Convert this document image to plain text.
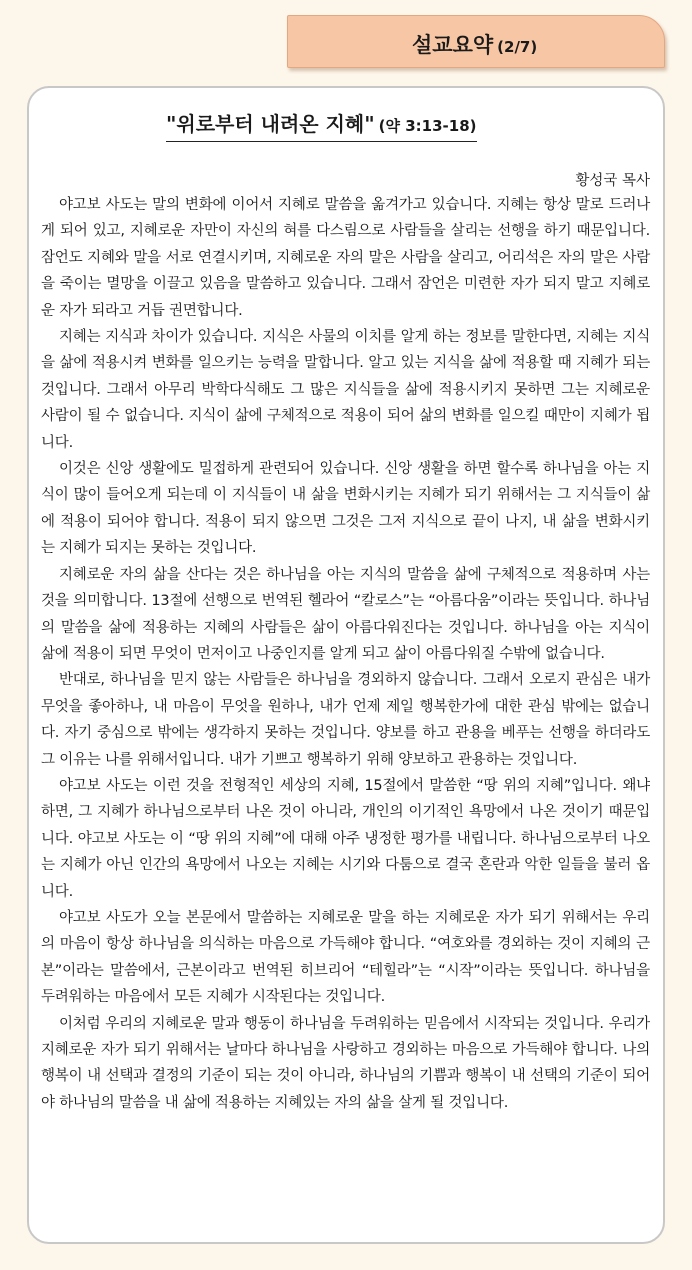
설교요약 (2/7)
"위로부터 내려온 지혜" (약 3:13-18)
황성국 목사

야고보 사도는 말의 변화에 이어서 지혜로 말씀을 옮겨가고 있습니다. 지혜는 항상 말로 드러나게 되어 있고, 지혜로운 자만이 자신의 혀를 다스림으로 사람들을 살리는 선행을 하기 때문입니다. 잠언도 지혜와 말을 서로 연결시키며, 지혜로운 자의 말은 사람을 살리고, 어리석은 자의 말은 사람을 죽이는 멸망을 이끌고 있음을 말씀하고 있습니다. 그래서 잠언은 미련한 자가 되지 말고 지혜로운 자가 되라고 거듭 권면합니다.

지혜는 지식과 차이가 있습니다. 지식은 사물의 이치를 알게 하는 정보를 말한다면, 지혜는 지식을 삶에 적용시켜 변화를 일으키는 능력을 말합니다. 알고 있는 지식을 삶에 적용할 때 지혜가 되는 것입니다. 그래서 아무리 박학다식해도 그 많은 지식들을 삶에 적용시키지 못하면 그는 지혜로운 사람이 될 수 없습니다. 지식이 삶에 구체적으로 적용이 되어 삶의 변화를 일으킬 때만이 지혜가 됩니다.

이것은 신앙 생활에도 밀접하게 관련되어 있습니다. 신앙 생활을 하면 할수록 하나님을 아는 지식이 많이 들어오게 되는데 이 지식들이 내 삶을 변화시키는 지혜가 되기 위해서는 그 지식들이 삶에 적용이 되어야 합니다. 적용이 되지 않으면 그것은 그저 지식으로 끝이 나지, 내 삶을 변화시키는 지혜가 되지는 못하는 것입니다.

지혜로운 자의 삶을 산다는 것은 하나님을 아는 지식의 말씀을 삶에 구체적으로 적용하며 사는 것을 의미합니다. 13절에 선행으로 번역된 헬라어 “칼로스”는 “아름다움”이라는 뜻입니다. 하나님의 말씀을 삶에 적용하는 지혜의 사람들은 삶이 아름다워진다는 것입니다. 하나님을 아는 지식이 삶에 적용이 되면 무엇이 먼저이고 나중인지를 알게 되고 삶이 아름다워질 수밖에 없습니다.

반대로, 하나님을 믿지 않는 사람들은 하나님을 경외하지 않습니다. 그래서 오로지 관심은 내가 무엇을 좋아하나, 내 마음이 무엇을 원하나, 내가 언제 제일 행복한가에 대한 관심 밖에는 없습니다. 자기 중심으로 밖에는 생각하지 못하는 것입니다. 양보를 하고 관용을 베푸는 선행을 하더라도 그 이유는 나를 위해서입니다. 내가 기쁘고 행복하기 위해 양보하고 관용하는 것입니다.

야고보 사도는 이런 것을 전형적인 세상의 지혜, 15절에서 말씀한 “땅 위의 지혜”입니다. 왜냐하면, 그 지혜가 하나님으로부터 나온 것이 아니라, 개인의 이기적인 욕망에서 나온 것이기 때문입니다. 야고보 사도는 이 “땅 위의 지혜”에 대해 아주 냉정한 평가를 내립니다. 하나님으로부터 나오는 지혜가 아닌 인간의 욕망에서 나오는 지혜는 시기와 다툼으로 결국 혼란과 악한 일들을 불러 옵니다.

야고보 사도가 오늘 본문에서 말씀하는 지혜로운 말을 하는 지혜로운 자가 되기 위해서는 우리의 마음이 항상 하나님을 의식하는 마음으로 가득해야 합니다. “여호와를 경외하는 것이 지혜의 근본”이라는 말씀에서, 근본이라고 번역된 히브리어 “테힐라”는 “시작”이라는 뜻입니다. 하나님을 두려워하는 마음에서 모든 지혜가 시작된다는 것입니다.

이처럼 우리의 지혜로운 말과 행동이 하나님을 두려워하는 믿음에서 시작되는 것입니다. 우리가 지혜로운 자가 되기 위해서는 날마다 하나님을 사랑하고 경외하는 마음으로 가득해야 합니다. 나의 행복이 내 선택과 결정의 기준이 되는 것이 아니라, 하나님의 기쁨과 행복이 내 선택의 기준이 되어야 하나님의 말씀을 내 삶에 적용하는 지혜있는 자의 삶을 살게 될 것입니다.
